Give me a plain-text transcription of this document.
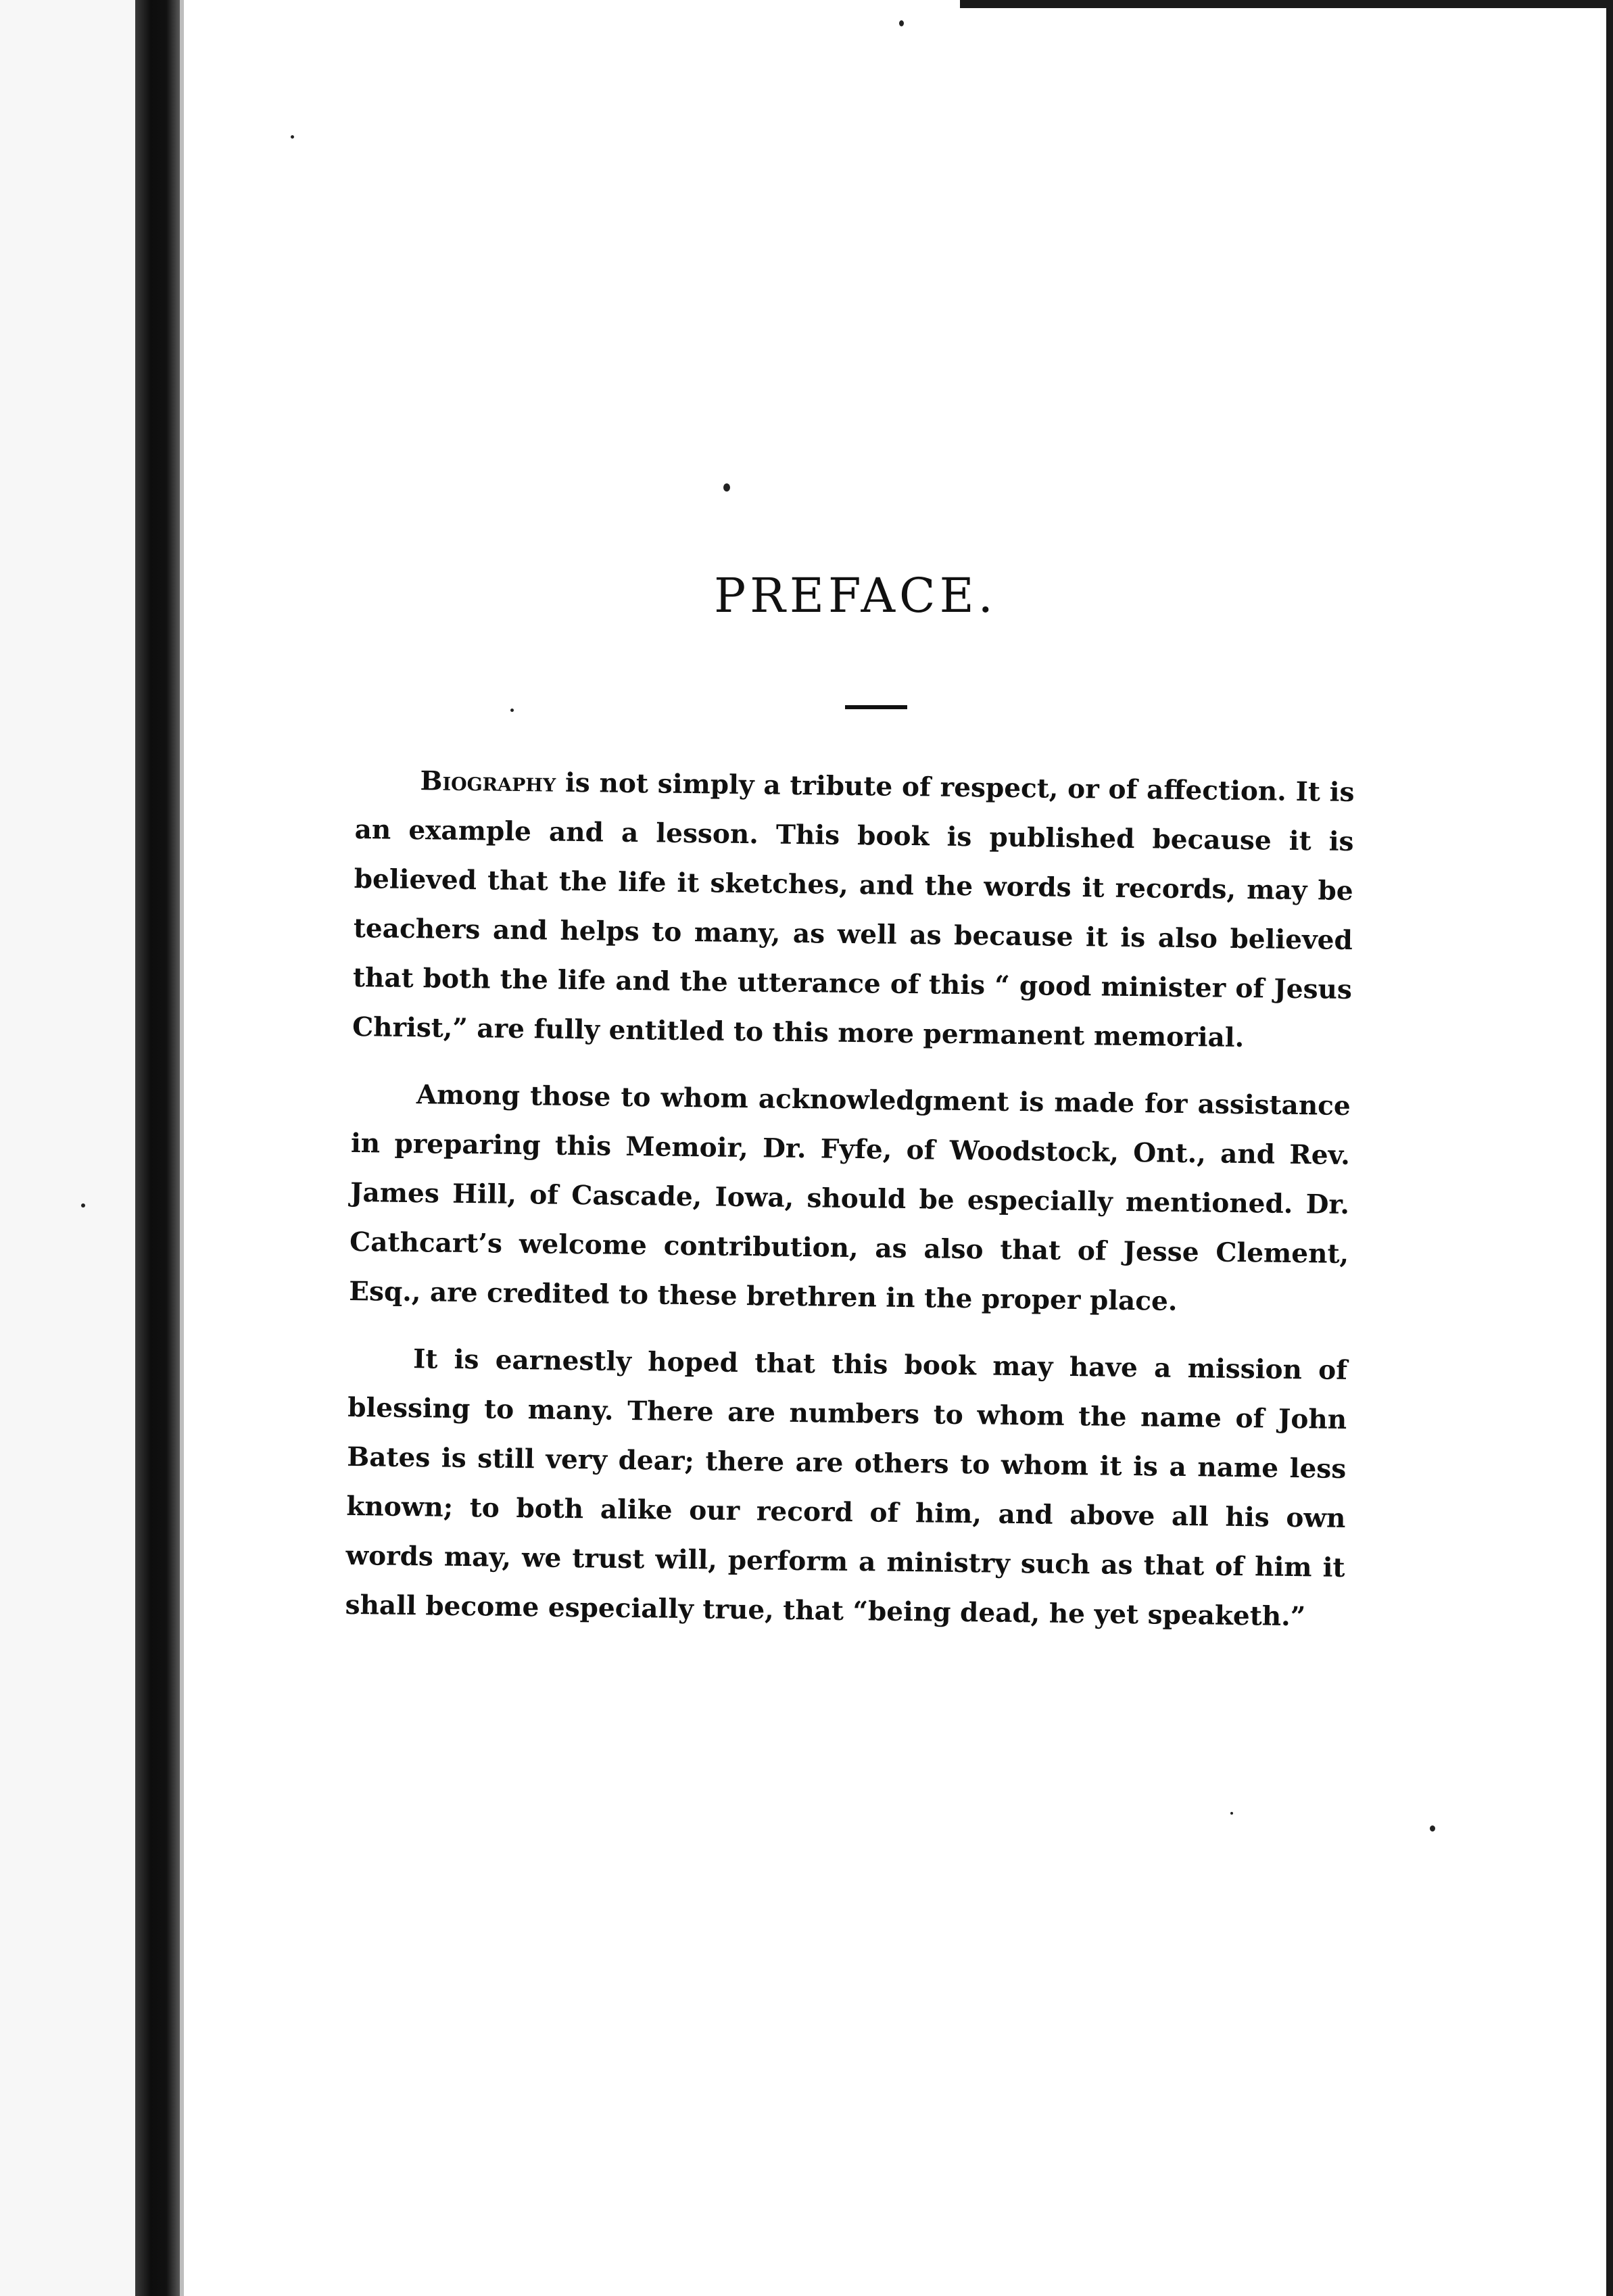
PREFACE.

Biography is not simply a tribute of respect, or of affection. It is an example and a lesson. This book is published because it is believed that the life it sketches, and the words it records, may be teachers and helps to many, as well as because it is also believed that both the life and the utterance of this “ good minister of Jesus Christ,” are fully entitled to this more permanent memorial.

Among those to whom acknowledgment is made for assistance in preparing this Memoir, Dr. Fyfe, of Woodstock, Ont., and Rev. James Hill, of Cascade, Iowa, should be especially mentioned. Dr. Cathcart’s welcome contribution, as also that of Jesse Clement, Esq., are credited to these brethren in the proper place.

It is earnestly hoped that this book may have a mission of blessing to many. There are numbers to whom the name of John Bates is still very dear; there are others to whom it is a name less known; to both alike our record of him, and above all his own words may, we trust will, perform a ministry such as that of him it shall become especially true, that “being dead, he yet speaketh.”
